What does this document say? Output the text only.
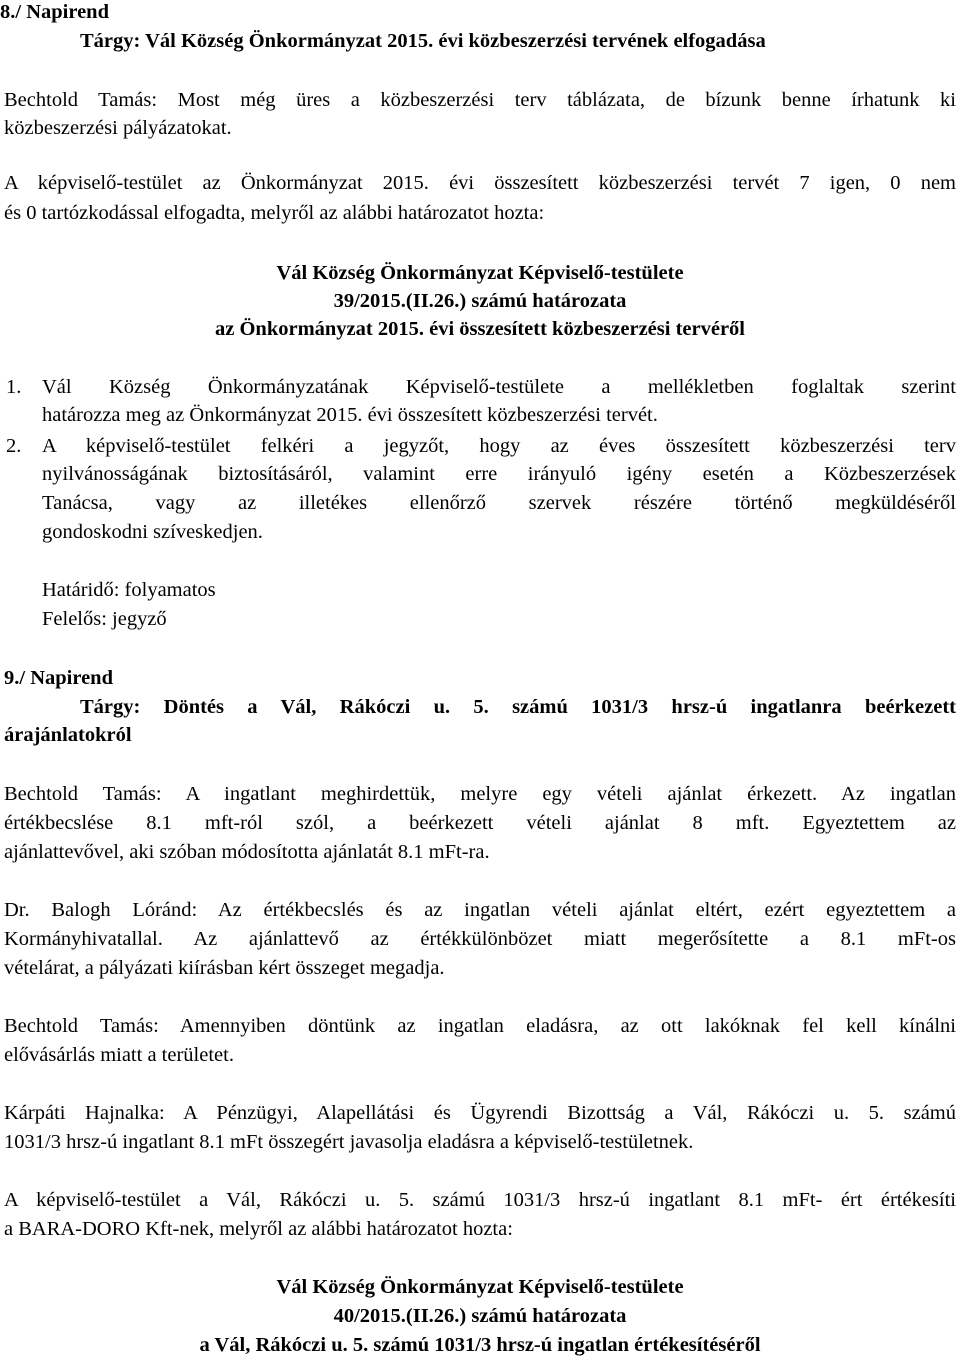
8./ Napirend
Tárgy: Vál Község Önkormányzat 2015. évi közbeszerzési tervének elfogadása
Bechtold Tamás: Most még üres a közbeszerzési terv táblázata, de bízunk benne írhatunk ki
közbeszerzési pályázatokat.
A képviselő-testület az Önkormányzat 2015. évi összesített közbeszerzési tervét 7 igen, 0 nem
és 0 tartózkodással elfogadta, melyről az alábbi határozatot hozta:
Vál Község Önkormányzat Képviselő-testülete
39/2015.(II.26.) számú határozata
az Önkormányzat 2015. évi összesített közbeszerzési tervéről
1. Vál Község Önkormányzatának Képviselő-testülete a mellékletben foglaltak szerint
határozza meg az Önkormányzat 2015. évi összesített közbeszerzési tervét.
2. A képviselő-testület felkéri a jegyzőt, hogy az éves összesített közbeszerzési terv
nyilvánosságának biztosításáról, valamint erre irányuló igény esetén a Közbeszerzések
Tanácsa, vagy az illetékes ellenőrző szervek részére történő megküldéséről
gondoskodni szíveskedjen.
Határidő: folyamatos
Felelős: jegyző
9./ Napirend
Tárgy: Döntés a Vál, Rákóczi u. 5. számú 1031/3 hrsz-ú ingatlanra beérkezett
árajánlatokról
Bechtold Tamás: A ingatlant meghirdettük, melyre egy vételi ajánlat érkezett. Az ingatlan
értékbecslése 8.1 mft-ról szól, a beérkezett vételi ajánlat 8 mft. Egyeztettem az
ajánlattevővel, aki szóban módosította ajánlatát 8.1 mFt-ra.
Dr. Balogh Lóránd: Az értékbecslés és az ingatlan vételi ajánlat eltért, ezért egyeztettem a
Kormányhivatallal. Az ajánlattevő az értékkülönbözet miatt megerősítette a 8.1 mFt-os
vételárat, a pályázati kiírásban kért összeget megadja.
Bechtold Tamás: Amennyiben döntünk az ingatlan eladásra, az ott lakóknak fel kell kínálni
elővásárlás miatt a területet.
Kárpáti Hajnalka: A Pénzügyi, Alapellátási és Ügyrendi Bizottság a Vál, Rákóczi u. 5. számú
1031/3 hrsz-ú ingatlant 8.1 mFt összegért javasolja eladásra a képviselő-testületnek.
A képviselő-testület a Vál, Rákóczi u. 5. számú 1031/3 hrsz-ú ingatlant 8.1 mFt- ért értékesíti
a BARA-DORO Kft-nek, melyről az alábbi határozatot hozta:
Vál Község Önkormányzat Képviselő-testülete
40/2015.(II.26.) számú határozata
a Vál, Rákóczi u. 5. számú 1031/3 hrsz-ú ingatlan értékesítéséről
